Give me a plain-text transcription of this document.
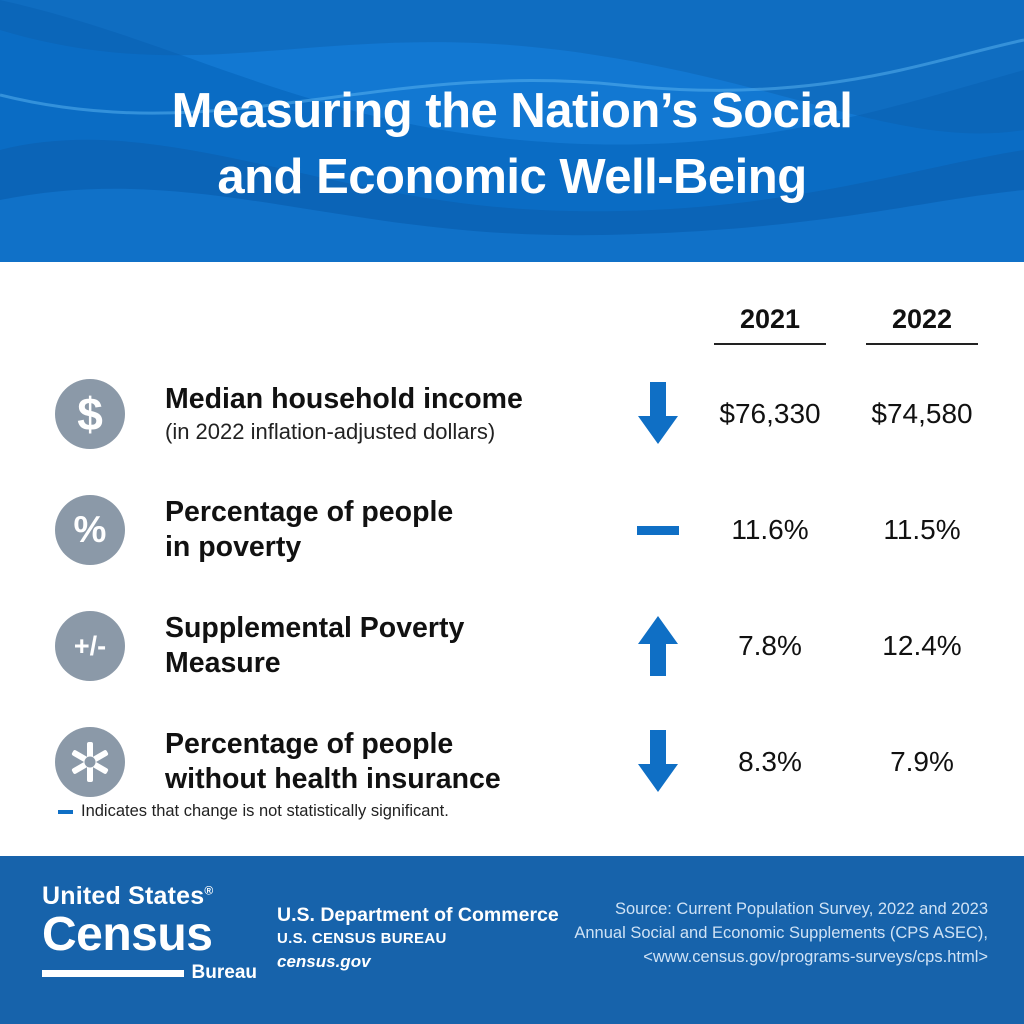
Measuring the Nation’s Social
and Economic Well-Being
2021	2022
$	Median household income
(in 2022 inflation-adjusted dollars)
$76,330 $74,580
%	Percentage of people
in poverty
11.6%	11.5%
+/-
Supplemental Poverty
Measure
7.8%	12.4%
Percentage of people
without health insurance
8.3%	7.9%
Indicates that change is not statistically significant.
United States®
Census
Bureau
U.S. Department of Commerce
U.S. CENSUS BUREAU
census.gov
Source: Current Population Survey, 2022 and 2023 Annual Social and Economic Supplements (CPS ASEC), <www.census.gov/programs-surveys/cps.html>
